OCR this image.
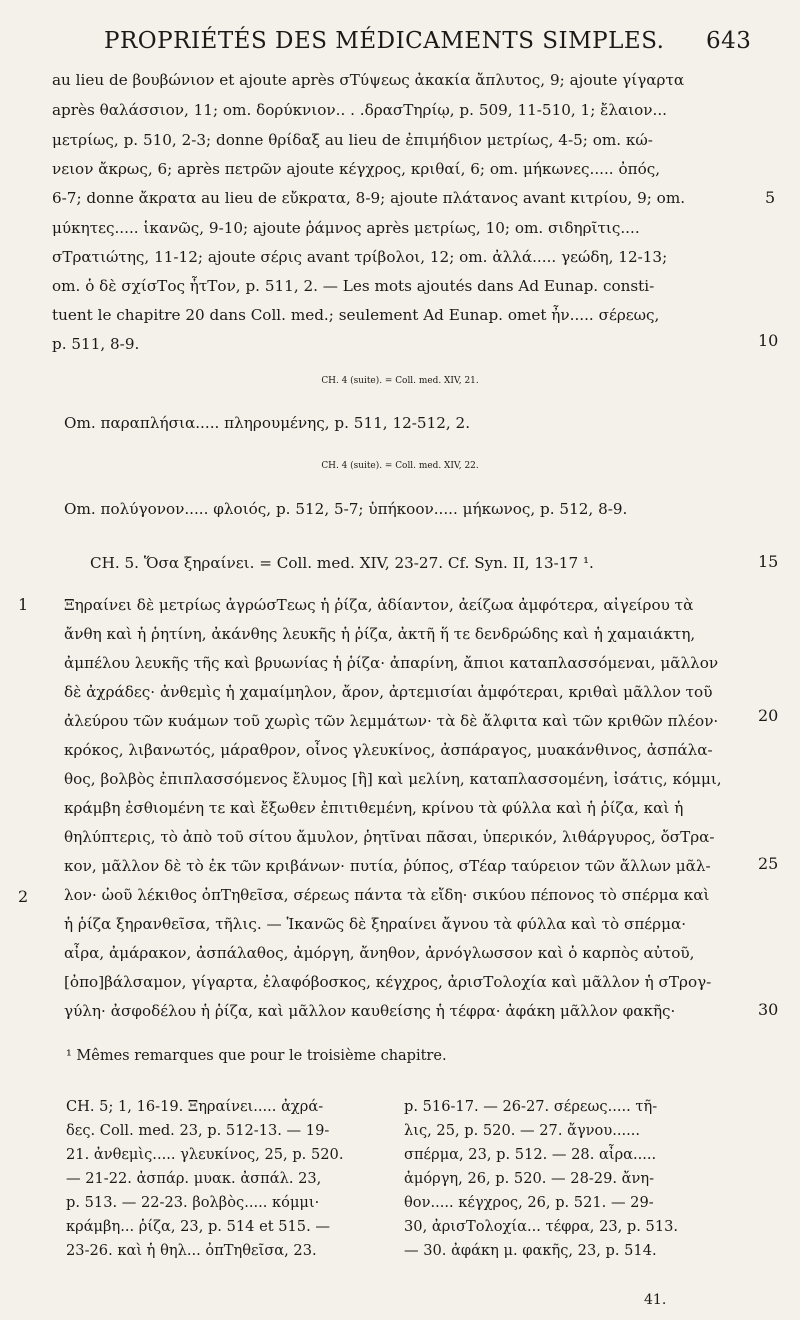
PROPRIÉTÉS DES MÉDICAMENTS SIMPLES. 643
au lieu de βουβώνιον et ajoute après σΤύψεως ἀκακία ἄπλυτος, 9; ajoute γίγαρτα
après θαλάσσιον, 11; om. δορύκνιον.. . .δρασΤηρίῳ, p. 509, 11-510, 1; ἔλαιον...
μετρίως, p. 510, 2-3; donne θρίδαξ au lieu de ἐπιμήδιον μετρίως, 4-5; om. κώ-
νειον ἄκρως, 6; après πετρῶν ajoute κέγχρος, κριθαί, 6; om. μήκωνες..... ὀπός,
6-7; donne ἄκρατα au lieu de εὔκρατα, 8-9; ajoute πλάτανος avant κιτρίου, 9; om.
μύκητες..... ἱκανῶς, 9-10; ajoute ῥάμνος après μετρίως, 10; om. σιδηρῖτις....
σΤρατιώτης, 11-12; ajoute σέρις avant τρίβολοι, 12; om. ἀλλά..... γεώδη, 12-13;
om. ὁ δὲ σχίσΤος ἧτΤον, p. 511, 2. — Les mots ajoutés dans Ad Eunap. consti-
tuent le chapitre 20 dans Coll. med.; seulement Ad Eunap. omet ἦν..... σέρεως,
p. 511, 8-9.
5
10
15
20
25
30
CH. 4 (suite). = Coll. med. XIV, 21.
Om. παραπλήσια..... πληρουμένης, p. 511, 12-512, 2.
CH. 4 (suite). = Coll. med. XIV, 22.
Om. πολύγονον..... φλοιός, p. 512, 5-7; ὑπήκοον..... μήκωνος, p. 512, 8-9.
CH. 5. Ὅσα ξηραίνει. = Coll. med. XIV, 23-27. Cf. Syn. II, 13-17 ¹.
1
2
Ξηραίνει δὲ μετρίως ἀγρώσΤεως ἡ ῥίζα, ἀδίαντον, ἀείζωα ἀμφότερα, αἰγείρου τὰ
ἄνθη καὶ ἡ ῥητίνη, ἀκάνθης λευκῆς ἡ ῥίζα, ἀκτῆ ἥ τε δενδρώδης καὶ ἡ χαμαιάκτη,
ἀμπέλου λευκῆς τῆς καὶ βρυωνίας ἡ ῥίζα· ἀπαρίνη, ἄπιοι καταπλασσόμεναι, μᾶλλον
δὲ ἀχράδες· ἀνθεμὶς ἡ χαμαίμηλον, ἄρον, ἀρτεμισίαι ἀμφότεραι, κριθαὶ μᾶλλον τοῦ
ἀλεύρου τῶν κυάμων τοῦ χωρὶς τῶν λεμμάτων· τὰ δὲ ἄλφιτα καὶ τῶν κριθῶν πλέον·
κρόκος, λιβανωτός, μάραθρον, οἶνος γλευκίνος, ἀσπάραγος, μυακάνθινος, ἀσπάλα-
θος, βολβὸς ἐπιπλασσόμενος ἔλυμος [ἢ] καὶ μελίνη, καταπλασσομένη, ἰσάτις, κόμμι,
κράμβη ἐσθιομένη τε καὶ ἔξωθεν ἐπιτιθεμένη, κρίνου τὰ φύλλα καὶ ἡ ῥίζα, καὶ ἡ
θηλύπτερις, τὸ ἀπὸ τοῦ σίτου ἄμυλον, ῥητῖναι πᾶσαι, ὑπερικόν, λιθάργυρος, ὄσΤρα-
κον, μᾶλλον δὲ τὸ ἐκ τῶν κριβάνων· πυτία, ῥύπος, σΤέαρ ταύρειον τῶν ἄλλων μᾶλ-
λον· ὠοῦ λέκιθος ὀπΤηθεῖσα, σέρεως πάντα τὰ εἴδη· σικύου πέπονος τὸ σπέρμα καὶ
ἡ ῥίζα ξηρανθεῖσα, τῆλις. — Ἱκανῶς δὲ ξηραίνει ἄγνου τὰ φύλλα καὶ τὸ σπέρμα·
αἶρα, ἀμάρακον, ἀσπάλαθος, ἀμόργη, ἄνηθον, ἀρνόγλωσσον καὶ ὁ καρπὸς αὐτοῦ,
[ὀπο]βάλσαμον, γίγαρτα, ἐλαφόβοσκος, κέγχρος, ἀρισΤολοχία καὶ μᾶλλον ἡ σΤρογ-
γύλη· ἀσφοδέλου ἡ ῥίζα, καὶ μᾶλλον καυθείσης ἡ τέφρα· ἀφάκη μᾶλλον φακῆς·
¹ Mêmes remarques que pour le troisième chapitre.
CH. 5; 1, 16-19. Ξηραίνει..... ἀχρά-
δες. Coll. med. 23, p. 512-13. — 19-
21. ἀνθεμὶς..... γλευκίνος, 25, p. 520.
— 21-22. ἀσπάρ. μυακ. ἀσπάλ. 23,
p. 513. — 22-23. βολβὸς..... κόμμι·
κράμβη... ῥίζα, 23, p. 514 et 515. —
23-26. καὶ ἡ θηλ... ὀπΤηθεῖσα, 23.
p. 516-17. — 26-27. σέρεως..... τῆ-
λις, 25, p. 520. — 27. ἄγνου......
σπέρμα, 23, p. 512. — 28. αἶρα.....
ἀμόργη, 26, p. 520. — 28-29. ἄνη-
θον..... κέγχρος, 26, p. 521. — 29-
30, ἀρισΤολοχία... τέφρα, 23, p. 513.
— 30. ἀφάκη μ. φακῆς, 23, p. 514.
41.
